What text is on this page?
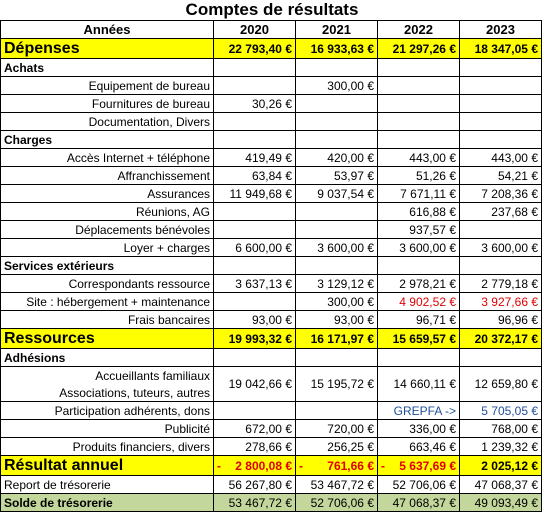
Comptes de résultats
Années	2020	2021	2022	2023
Dépenses	22 793,40 €	16 933,63 €	21 297,26 €	18 347,05 €
Achats				
Equipement de bureau		300,00 €		
Fournitures de bureau	30,26 €			
Documentation, Divers				
Charges				
Accès Internet + téléphone	419,49 €	420,00 €	443,00 €	443,00 €
Affranchissement	63,84 €	53,97 €	51,26 €	54,21 €
Assurances	11 949,68 €	9 037,54 €	7 671,11 €	7 208,36 €
Réunions, AG			616,88 €	237,68 €
Déplacements bénévoles			937,57 €	
Loyer + charges	6 600,00 €	3 600,00 €	3 600,00 €	3 600,00 €
Services extérieurs				
Correspondants ressource	3 637,13 €	3 129,12 €	2 978,21 €	2 779,18 €
Site : hébergement + maintenance		300,00 €	4 902,52 €	3 927,66 €
Frais bancaires	93,00 €	93,00 €	96,71 €	96,96 €
Ressources	19 993,32 €	16 171,97 €	15 659,57 €	20 372,17 €
Adhésions				
Accueillants familiaux	19 042,66 €	15 195,72 €	14 660,11 €	12 659,80 €
Associations, tuteurs, autres				
Participation adhérents, dons			GREPFA ->	5 705,05 €
Publicité	672,00 €	720,00 €	336,00 €	768,00 €
Produits financiers, divers	278,66 €	256,25 €	663,46 €	1 239,32 €
Résultat annuel	- 2 800,08 €	- 761,66 €	- 5 637,69 €	2 025,12 €
Report de trésorerie	56 267,80 €	53 467,72 €	52 706,06 €	47 068,37 €
Solde de trésorerie	53 467,72 €	52 706,06 €	47 068,37 €	49 093,49 €
